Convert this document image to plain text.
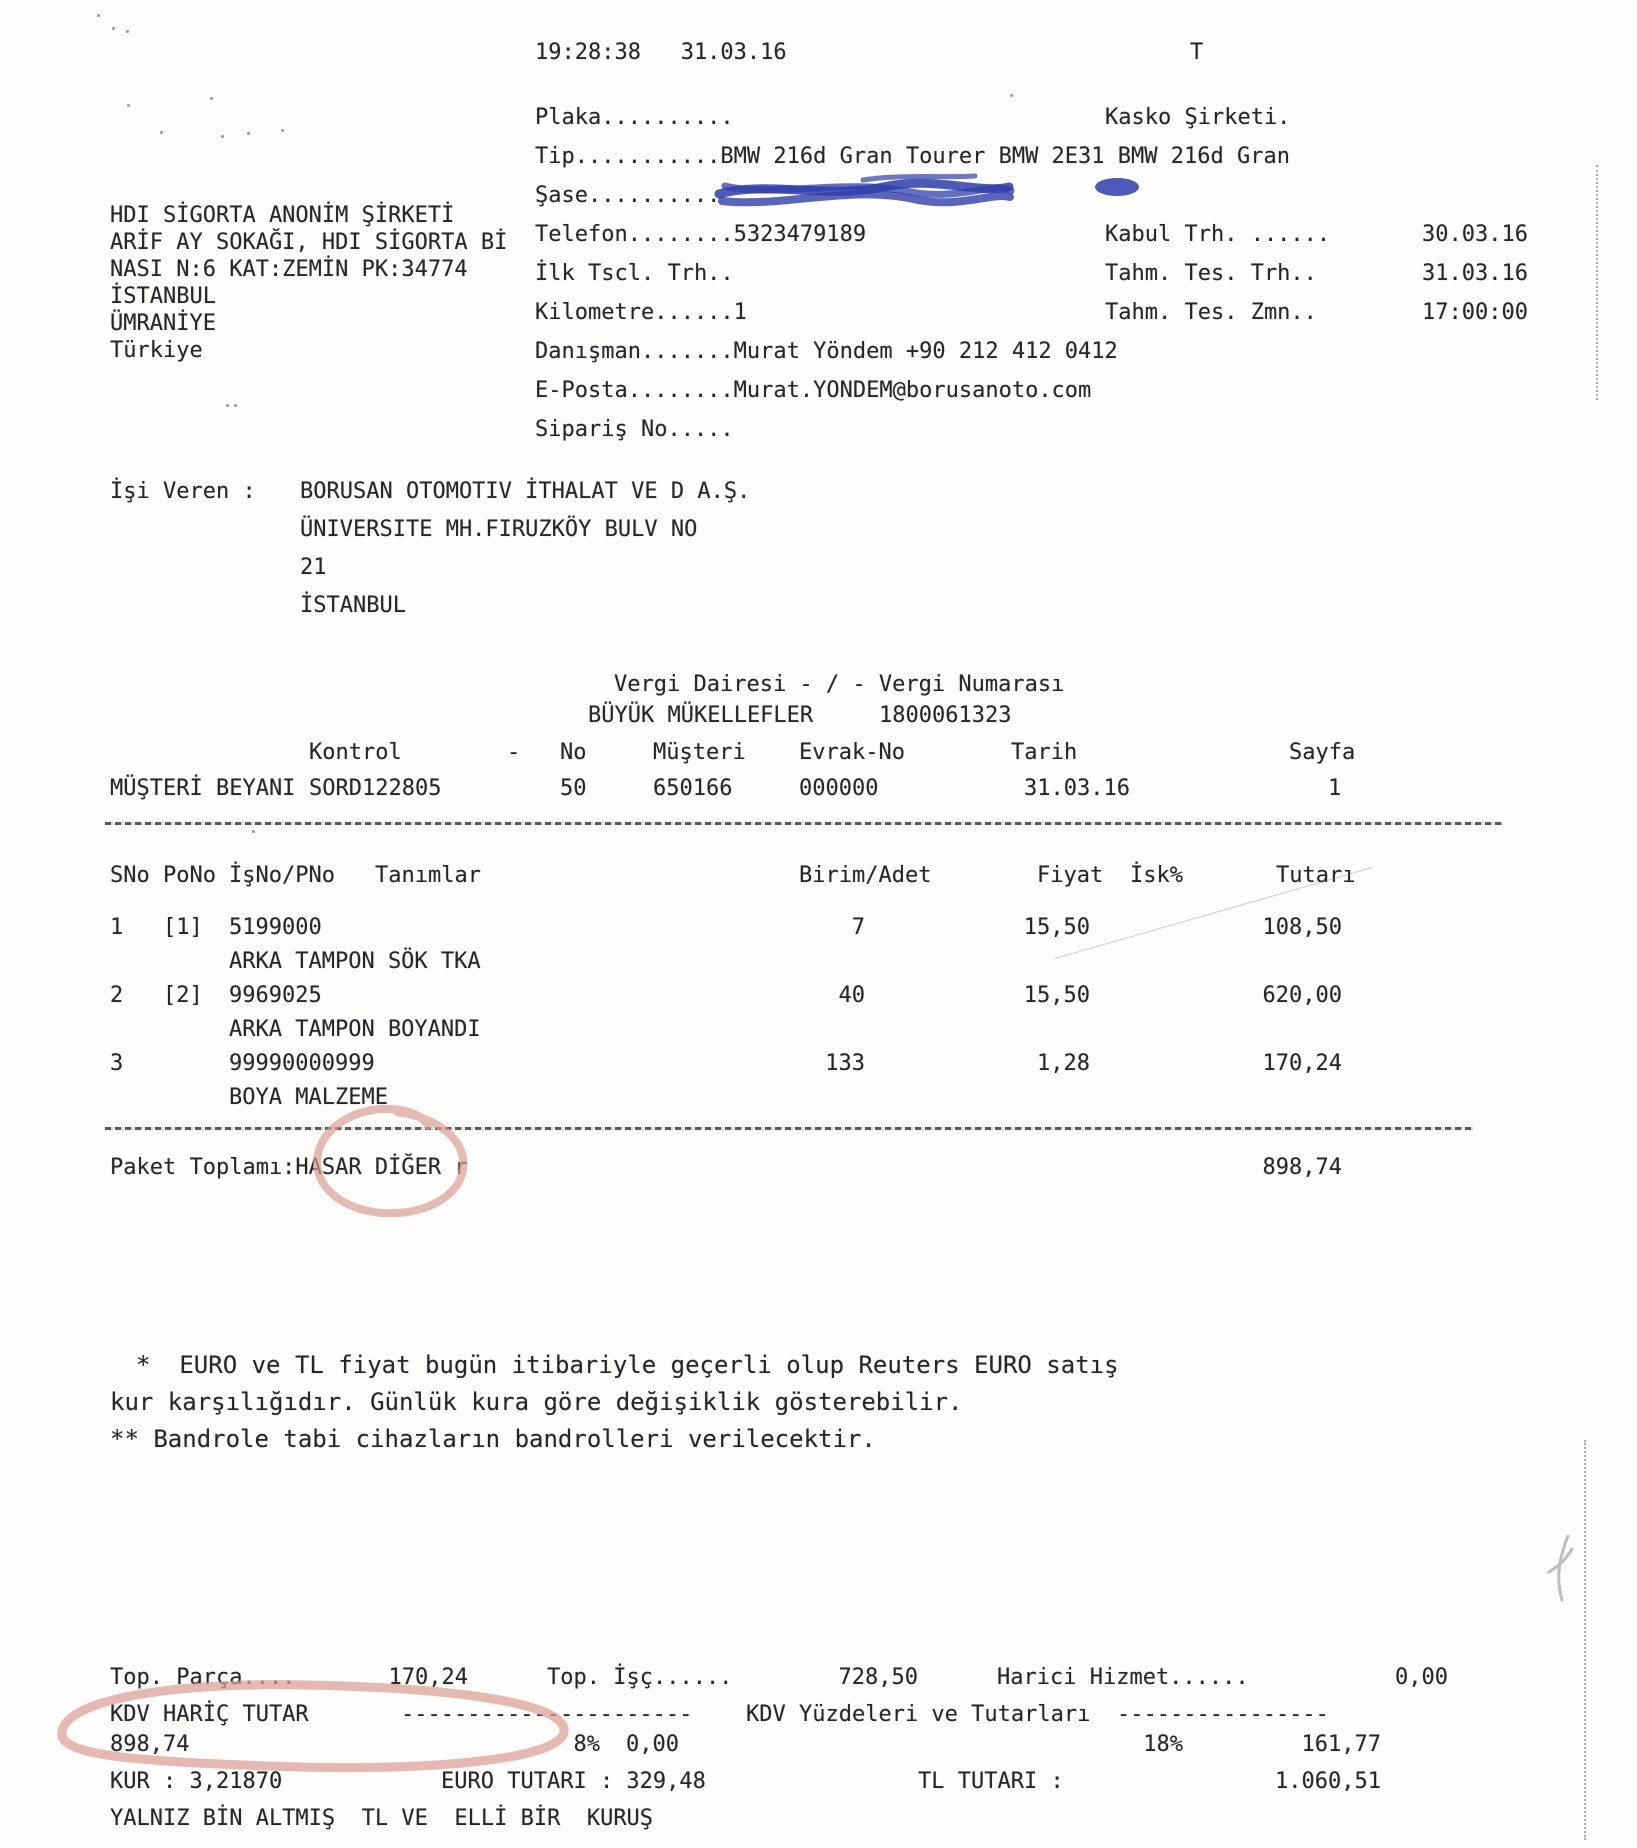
19:28:38   31.03.16	T
HDI SİGORTA ANONİM ŞİRKETİ
ARİF AY SOKAĞI, HDI SİGORTA Bİ
NASI N:6 KAT:ZEMİN PK:34774
İSTANBUL
ÜMRANİYE
Türkiye
Plaka..........	Kasko Şirketi.
Tip...........BMW 216d Gran Tourer BMW 2E31 BMW 216d Gran
Şase..........
Telefon........5323479189	Kabul Trh. ......	30.03.16
İlk Tscl. Trh..	Tahm. Tes. Trh..	31.03.16
Kilometre......1	Tahm. Tes. Zmn..	17:00:00
Danışman.......Murat Yöndem +90 212 412 0412
E-Posta........Murat.YONDEM@borusanoto.com
Sipariş No.....
İşi Veren : BORUSAN OTOMOTIV İTHALAT VE D A.Ş.
ÜNIVERSITE MH.FIRUZKÖY BULV NO
21
İSTANBUL
Vergi Dairesi - / - Vergi Numarası
BÜYÜK MÜKELLEFLER	1800061323
Kontrol	- No	Müşteri Evrak-No	Tarih	Sayfa
MÜŞTERİ BEYANI SORD122805	50	650166	000000	31.03.16	1
SNo PoNo İşNo/PNo Tanımlar	Birim/Adet	Fiyat İsk%	Tutarı
1 [1] 5199000	7	15,50	108,50
ARKA TAMPON SÖK TKA
2 [2] 9969025	40	15,50	620,00
ARKA TAMPON BOYANDI
3	99990000999	133	1,28	170,24
BOYA MALZEME
Paket Toplamı:HASAR DİĞER r	898,74
*  EURO ve TL fiyat bugün itibariyle geçerli olup Reuters EURO satış
kur karşılığıdır. Günlük kura göre değişiklik gösterebilir.
** Bandrole tabi cihazların bandrolleri verilecektir.
Top. Parça....	170,24	Top. İşç......	728,50	Harici Hizmet......	0,00
KDV HARİÇ TUTAR	---------------------- KDV Yüzdeleri ve Tutarları ----------------
898,74	8% 0,00	18%	161,77
KUR : 3,21870	EURO TUTARI : 329,48	TL TUTARI :	1.060,51
YALNIZ BİN ALTMIŞ  TL VE  ELLİ BİR  KURUŞ
